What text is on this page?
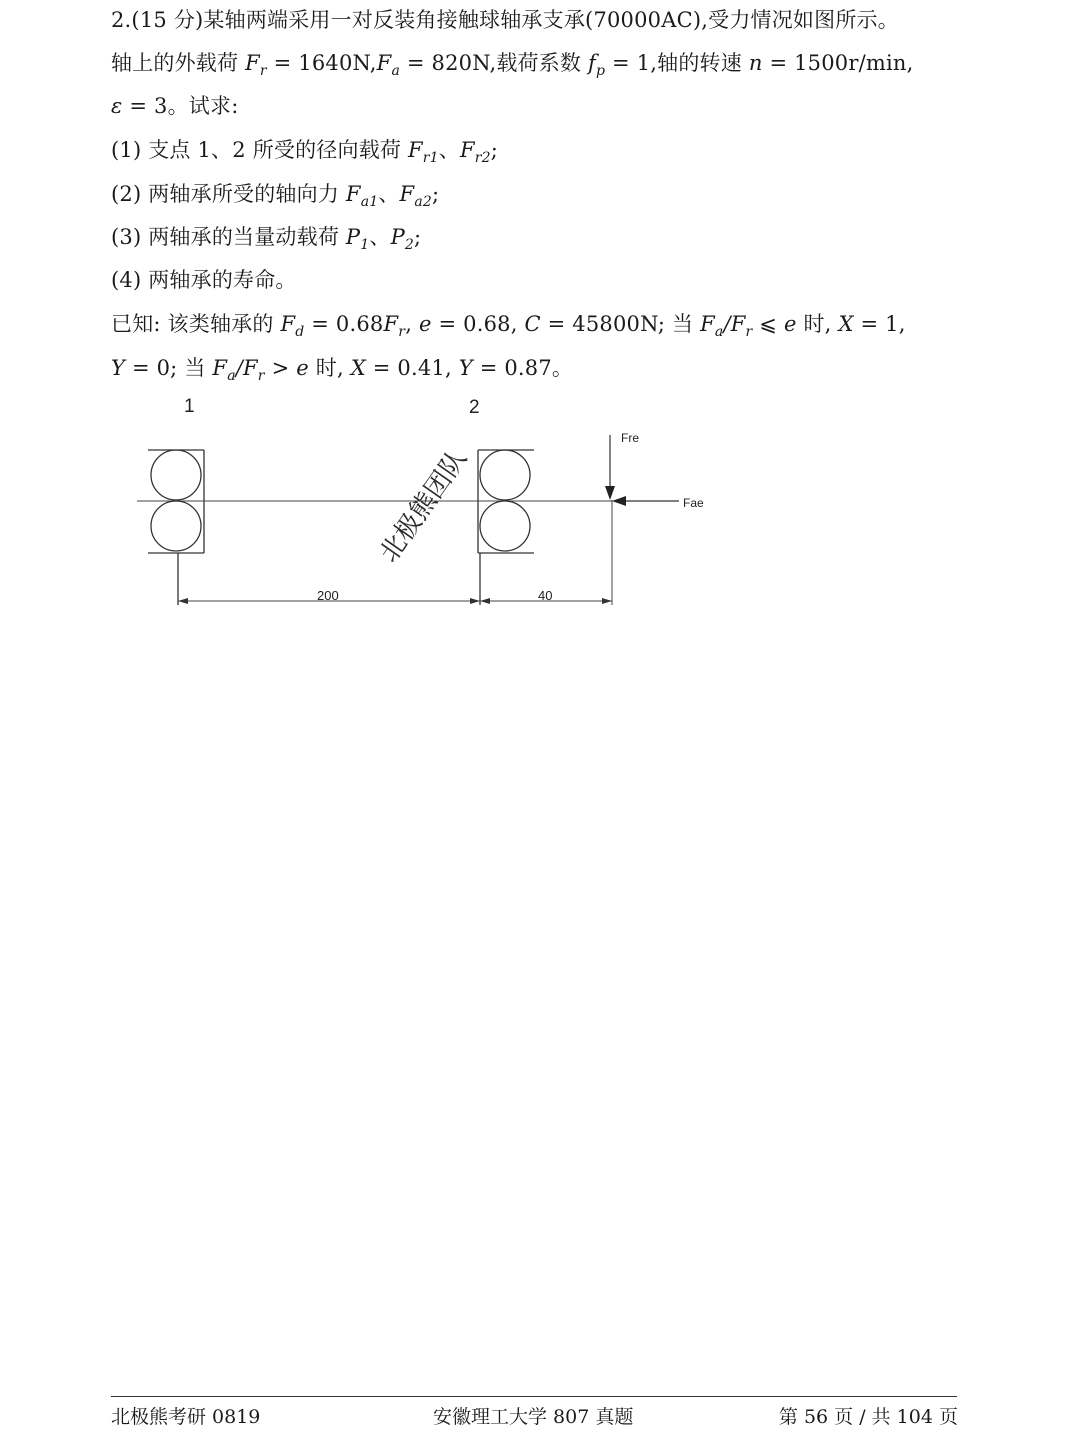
2.(15 分)某轴两端采用一对反装角接触球轴承支承(70000AC),受力情况如图所示。
轴上的外载荷 $F_r = 1640N,F_a = 820N$,载荷系数 $f_p = 1$,轴的转速 n = 1500r/min,
ε = 3。试求:
(1) 支点 1、2 所受的径向载荷 $F_{r1}$、$F_{r2}$;
(2) 两轴承所受的轴向力 $F_{a1}$、$F_{a2}$;
(3) 两轴承的当量动载荷 $P_1$、$P_2$;
(4) 两轴承的寿命。
已知: 该类轴承的 $F_d = 0.68F_r$, e = 0.68, C = 45800N; 当 $F_a/F_r$ ⩽ e 时, X = 1,
Y = 0; 当 $F_a/F_r > e$ 时, X = 0.41, Y = 0.87。
1	2
Fre
Fae
200	40
北极熊团队
北极熊考研 0819	安徽理工大学 807 真题	第 56 页 / 共 104 页
